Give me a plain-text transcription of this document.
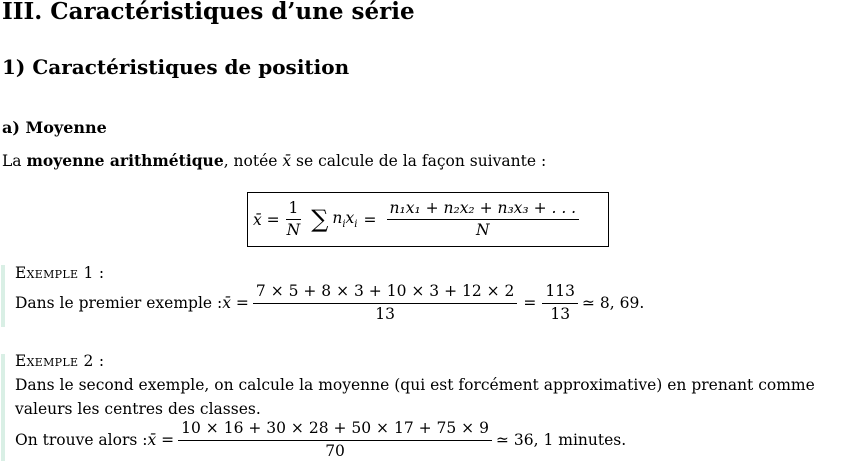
III. Caractéristiques d’une série
1) Caractéristiques de position
a) Moyenne
La moyenne arithmétique, notée x̄ se calcule de la façon suivante :
x̄ = $\frac{1}{N}$ ∑ $n_ix_i = \frac{\text{n₁x₁ + n₂x₂ + n₃x₃ + . . .}}{N}$
Exemple 1 :
Dans le premier exemple : x̄ = $\frac{7 \times 5 + 8 \times 3 + 10 \times 3 + 12 \times 2}{13} = \frac{113}{13}$ ≃ 8, 69.
Exemple 2 :
Dans le second exemple, on calcule la moyenne (qui est forcément approximative) en prenant comme
valeurs les centres des classes.
On trouve alors : x̄ = $\frac{10 \times 16 + 30 \times 28 + 50 \times 17 + 75 \times 9}{70}$ ≃ 36, 1 minutes.
